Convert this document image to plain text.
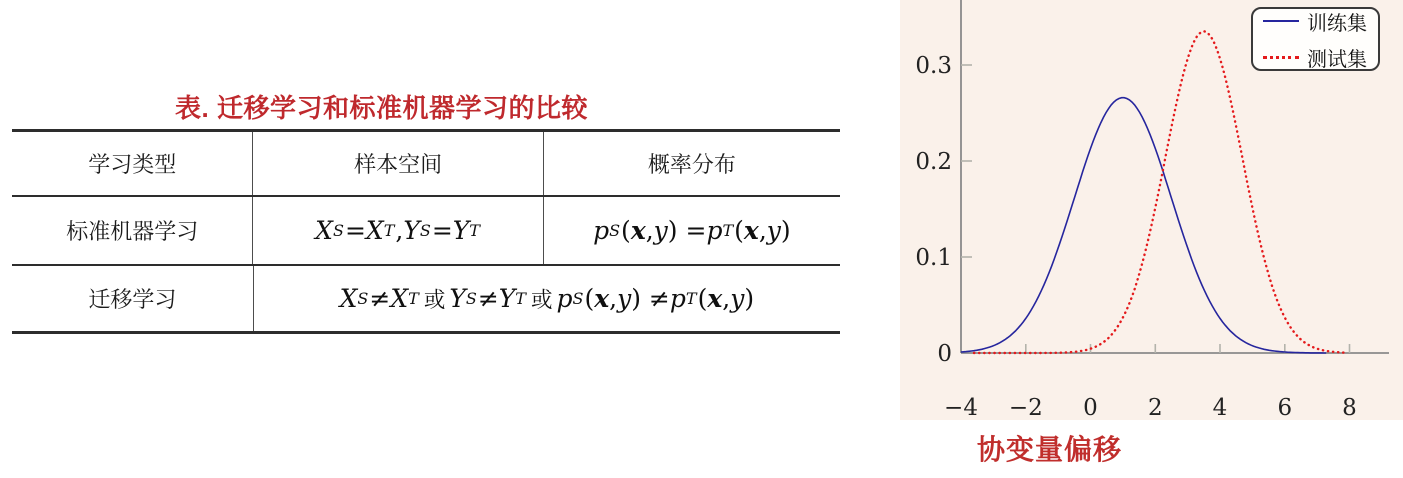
表. 迁移学习和标准机器学习的比较
学习类型	样本空间	概率分布
标准机器学习	X S = X T , Y S = Y T	p S ( x , y ) = p T ( x , y )
迁移学习	X S ≠ X T 或 Y S ≠ Y T 或 p S ( x , y ) ≠ p T ( x , y )
0
0.1
0.2
0.3
−4 −2 0 2 4 6 8
训练集
测试集
协变量偏移
